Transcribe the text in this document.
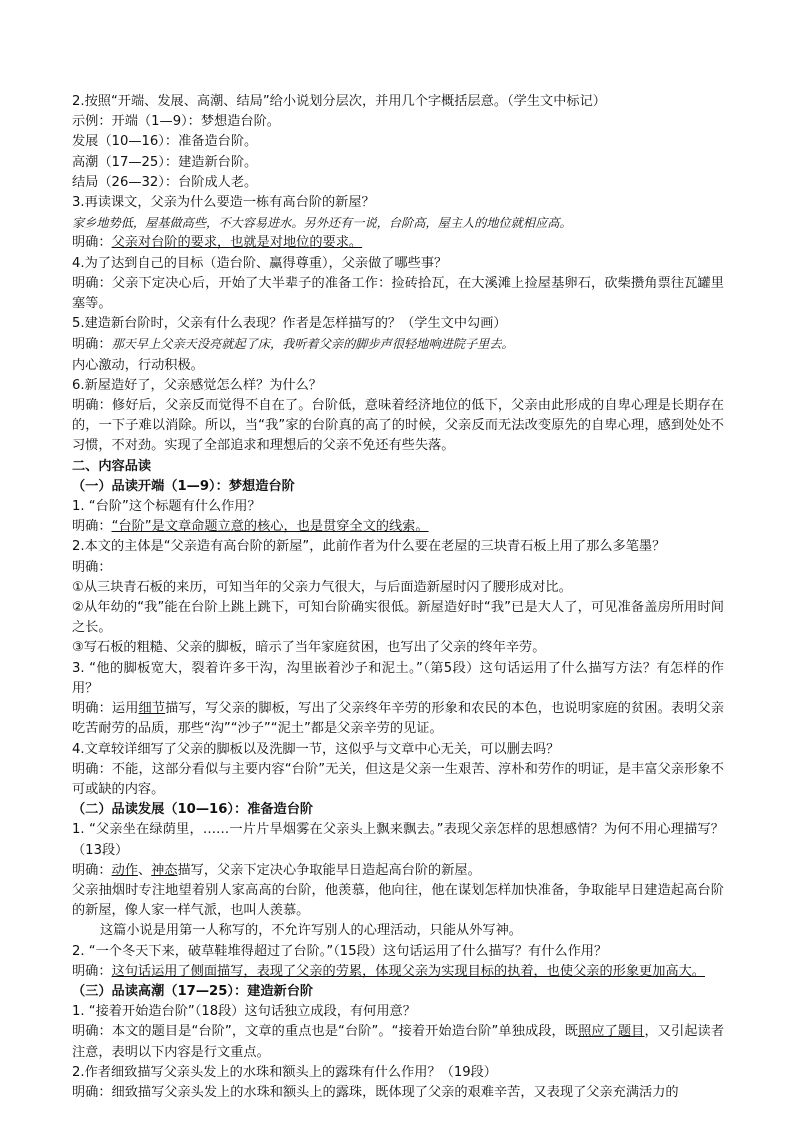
2.按照“开端、发展、高潮、结局”给小说划分层次，并用几个字概括层意。（学生文中标记）

示例：开端（1—9）：梦想造台阶。

发展（10—16）：准备造台阶。

高潮（17—25）：建造新台阶。

结局（26—32）：台阶成人老。

3.再读课文，父亲为什么要造一栋有高台阶的新屋？

家乡地势低，屋基做高些，不大容易进水。另外还有一说，台阶高，屋主人的地位就相应高。

明确：父亲对台阶的要求，也就是对地位的要求。

4.为了达到自己的目标（造台阶、赢得尊重），父亲做了哪些事？

明确：父亲下定决心后，开始了大半辈子的准备工作：捡砖拾瓦，在大溪滩上捡屋基卵石，砍柴攒角票往瓦罐里塞等。

5.建造新台阶时，父亲有什么表现？作者是怎样描写的？（学生文中勾画）

明确：那天早上父亲天没亮就起了床，我听着父亲的脚步声很轻地响进院子里去。

内心激动，行动积极。

6.新屋造好了，父亲感觉怎么样？为什么？

明确：修好后，父亲反而觉得不自在了。台阶低，意味着经济地位的低下，父亲由此形成的自卑心理是长期存在的，一下子难以消除。所以，当“我”家的台阶真的高了的时候，父亲反而无法改变原先的自卑心理，感到处处不习惯，不对劲。实现了全部追求和理想后的父亲不免还有些失落。

二、内容品读

（一）品读开端（1—9）：梦想造台阶

1. “台阶”这个标题有什么作用？

明确：“台阶”是文章命题立意的核心，也是贯穿全文的线索。

2.本文的主体是“父亲造有高台阶的新屋”，此前作者为什么要在老屋的三块青石板上用了那么多笔墨？

明确：

①从三块青石板的来历，可知当年的父亲力气很大，与后面造新屋时闪了腰形成对比。

②从年幼的“我”能在台阶上跳上跳下，可知台阶确实很低。新屋造好时“我”已是大人了，可见准备盖房所用时间之长。

③写石板的粗糙、父亲的脚板，暗示了当年家庭贫困，也写出了父亲的终年辛劳。

3. “他的脚板宽大，裂着许多干沟，沟里嵌着沙子和泥土。”（第5段）这句话运用了什么描写方法？有怎样的作用？

明确：运用细节描写，写父亲的脚板，写出了父亲终年辛劳的形象和农民的本色，也说明家庭的贫困。表明父亲吃苦耐劳的品质，那些“沟”“沙子”“泥土”都是父亲辛劳的见证。

4.文章较详细写了父亲的脚板以及洗脚一节，这似乎与文章中心无关，可以删去吗？

明确：不能，这部分看似与主要内容“台阶”无关，但这是父亲一生艰苦、淳朴和劳作的明证，是丰富父亲形象不可或缺的内容。

（二）品读发展（10—16）：准备造台阶

1. “父亲坐在绿荫里，……一片片旱烟雾在父亲头上飘来飘去。”表现父亲怎样的思想感情？为何不用心理描写？（13段）

明确：动作、神态描写，父亲下定决心争取能早日造起高台阶的新屋。

父亲抽烟时专注地望着别人家高高的台阶，他羡慕，他向往，他在谋划怎样加快准备，争取能早日建造起高台阶的新屋，像人家一样气派，也叫人羡慕。

这篇小说是用第一人称写的，不允许写别人的心理活动，只能从外写神。

2. “一个冬天下来，破草鞋堆得超过了台阶。”（15段）这句话运用了什么描写？有什么作用？

明确：这句话运用了侧面描写，表现了父亲的劳累，体现父亲为实现目标的执着，也使父亲的形象更加高大。

（三）品读高潮（17—25）：建造新台阶

1. “接着开始造台阶”（18段）这句话独立成段，有何用意？

明确：本文的题目是“台阶”，文章的重点也是“台阶”。“接着开始造台阶”单独成段，既照应了题目，又引起读者注意，表明以下内容是行文重点。

2.作者细致描写父亲头发上的水珠和额头上的露珠有什么作用？（19段）

明确：细致描写父亲头发上的水珠和额头上的露珠，既体现了父亲的艰难辛苦，又表现了父亲充满活力的
